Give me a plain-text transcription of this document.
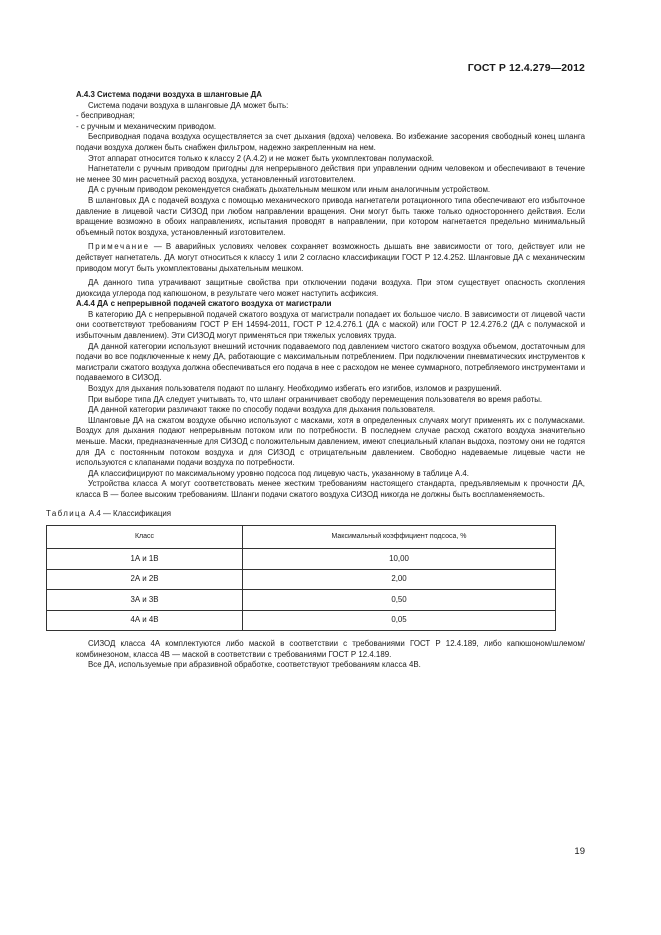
ГОСТ Р 12.4.279—2012

А.4.3 Система подачи воздуха в шланговые ДА

Система подачи воздуха в шланговые ДА может быть:

- бесприводная;

- с ручным и механическим приводом.

Бесприводная подача воздуха осуществляется за счет дыхания (вдоха) человека. Во избежание засорения свободный конец шланга подачи воздуха должен быть снабжен фильтром, надежно закрепленным на нем.

Этот аппарат относится только к классу 2 (А.4.2) и не может быть укомплектован полумаской.

Нагнетатели с ручным приводом пригодны для непрерывного действия при управлении одним человеком и обеспечивают в течение не менее 30 мин расчетный расход воздуха, установленный изготовителем.

ДА с ручным приводом рекомендуется снабжать дыхательным мешком или иным аналогичным устройством.

В шланговых ДА с подачей воздуха с помощью механического привода нагнетатели ротационного типа обеспечивают его избыточное давление в лицевой части СИЗОД при любом направлении вращения. Они могут быть также только одностороннего действия. Если вращение возможно в обоих направлениях, испытания проводят в направлении, при котором нагнетается предельно минимальный объемный поток воздуха, установленный изготовителем.

Примечание — В аварийных условиях человек сохраняет возможность дышать вне зависимости от того, действует или не действует нагнетатель. ДА могут относиться к классу 1 или 2 согласно классификации ГОСТ Р 12.4.252. Шланговые ДА с механическим приводом могут быть укомплектованы дыхательным мешком.

ДА данного типа утрачивают защитные свойства при отключении подачи воздуха. При этом существует опасность скопления диоксида углерода под капюшоном, в результате чего может наступить асфиксия.

А.4.4 ДА с непрерывной подачей сжатого воздуха от магистрали

В категорию ДА с непрерывной подачей сжатого воздуха от магистрали попадает их большое число. В зависимости от лицевой части они соответствуют требованиям ГОСТ Р ЕН 14594-2011, ГОСТ Р 12.4.276.1 (ДА с маской) или ГОСТ Р 12.4.276.2 (ДА с полумаской и избыточным давлением). Эти СИЗОД могут применяться при тяжелых условиях труда.

ДА данной категории используют внешний источник подаваемого под давлением чистого сжатого воздуха объемом, достаточным для подачи во все подключенные к нему ДА, работающие с максимальным потреблением. При подключении пневматических инструментов к магистрали сжатого воздуха должна обеспечиваться его подача в нее с расходом не менее суммарного, потребляемого инструментами и подаваемого в СИЗОД.

Воздух для дыхания пользователя подают по шлангу. Необходимо избегать его изгибов, изломов и разрушений.

При выборе типа ДА следует учитывать то, что шланг ограничивает свободу перемещения пользователя во время работы.

ДА данной категории различают также по способу подачи воздуха для дыхания пользователя.

Шланговые ДА на сжатом воздухе обычно используют с масками, хотя в определенных случаях могут применять их с полумасками. Воздух для дыхания подают непрерывным потоком или по потребности. В последнем случае расход сжатого воздуха значительно меньше. Маски, предназначенные для СИЗОД с положительным давлением, имеют специальный клапан выдоха, поэтому они не годятся для ДА с постоянным потоком воздуха и для СИЗОД с отрицательным давлением. Свободно надеваемые лицевые части не используются с клапанами подачи воздуха по потребности.

ДА классифицируют по максимальному уровню подсоса под лицевую часть, указанному в таблице А.4.

Устройства класса А могут соответствовать менее жестким требованиям настоящего стандарта, предъявляемым к прочности ДА, класса В — более высоким требованиям. Шланги подачи сжатого воздуха СИЗОД никогда не должны быть воспламеняемость.

Таблица А.4 — Классификация

Класс	Максимальный коэффициент подсоса, %
1А и 1В	10,00
2А и 2В	2,00
3А и 3В	0,50
4А и 4В	0,05

СИЗОД класса 4А комплектуются либо маской в соответствии с требованиями ГОСТ Р 12.4.189, либо капюшоном/шлемом/комбинезоном, класса 4В — маской в соответствии с требованиями ГОСТ Р 12.4.189.

Все ДА, используемые при абразивной обработке, соответствуют требованиям класса 4В.

19
